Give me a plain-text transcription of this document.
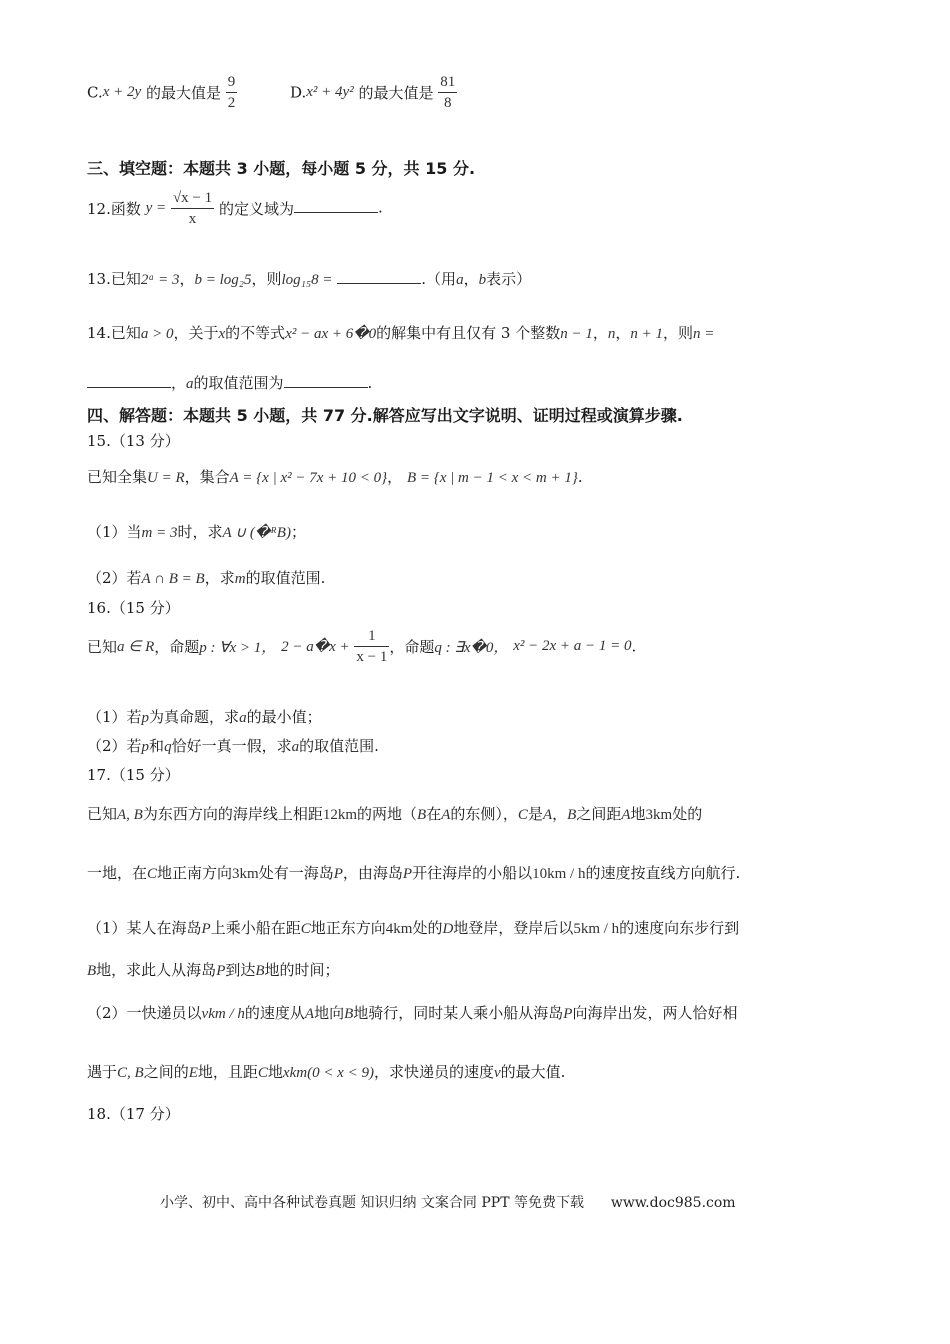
C.x + 2y 的最大值是 $\frac{9}{2}$	D.x² + 4y² 的最大值是 $\frac{81}{8}$
三、填空题：本题共 3 小题，每小题 5 分，共 15 分.
12.函数 $y = \frac{√x - 1}{x}$ 的定义域为	.
13.已知2ᵃ = 3，b = log₂5，则log₁₅8 =	.（用a，b表示）
14.已知a > 0，关于x的不等式x² − ax + 6�0的解集中有且仅有 3 个整数n − 1，n，n + 1，则n =
，a的取值范围为	.
四、解答题：本题共 5 小题，共 77 分.解答应写出文字说明、证明过程或演算步骤.
15.（13 分）
已知全集U = R，集合A = {x | x² − 7x + 10 < 0}， B = {x | m − 1 < x < m + 1}.
（1）当m = 3时，求A ∪ (�ᴿB)；
（2）若A ∩ B = B，求m的取值范围.
16.（15 分）
已知a ∈ R，命题p : ∀x > 1， 2 − a�x + $\frac{1}{x - 1}$ ，命题q : ∃x�0， x² − 2x + a − 1 = 0.
（1）若p为真命题，求a的最小值；
（2）若p和q恰好一真一假，求a的取值范围.
17.（15 分）
已知A, B为东西方向的海岸线上相距12km的两地（B在A的东侧），C是A，B之间距A地3km处的
一地，在C地正南方向3km处有一海岛P，由海岛P开往海岸的小船以10km / h的速度按直线方向航行.
（1）某人在海岛P上乘小船在距C地正东方向4km处的D地登岸，登岸后以5km / h的速度向东步行到
B地，求此人从海岛P到达B地的时间；
（2）一快递员以vkm / h的速度从A地向B地骑行，同时某人乘小船从海岛P向海岸出发，两人恰好相
遇于C, B之间的E地，且距C地xkm(0 < x < 9)，求快递员的速度v的最大值.
18.（17 分）
小学、初中、高中各种试卷真题 知识归纳 文案合同 PPT 等免费下载 www.doc985.com
